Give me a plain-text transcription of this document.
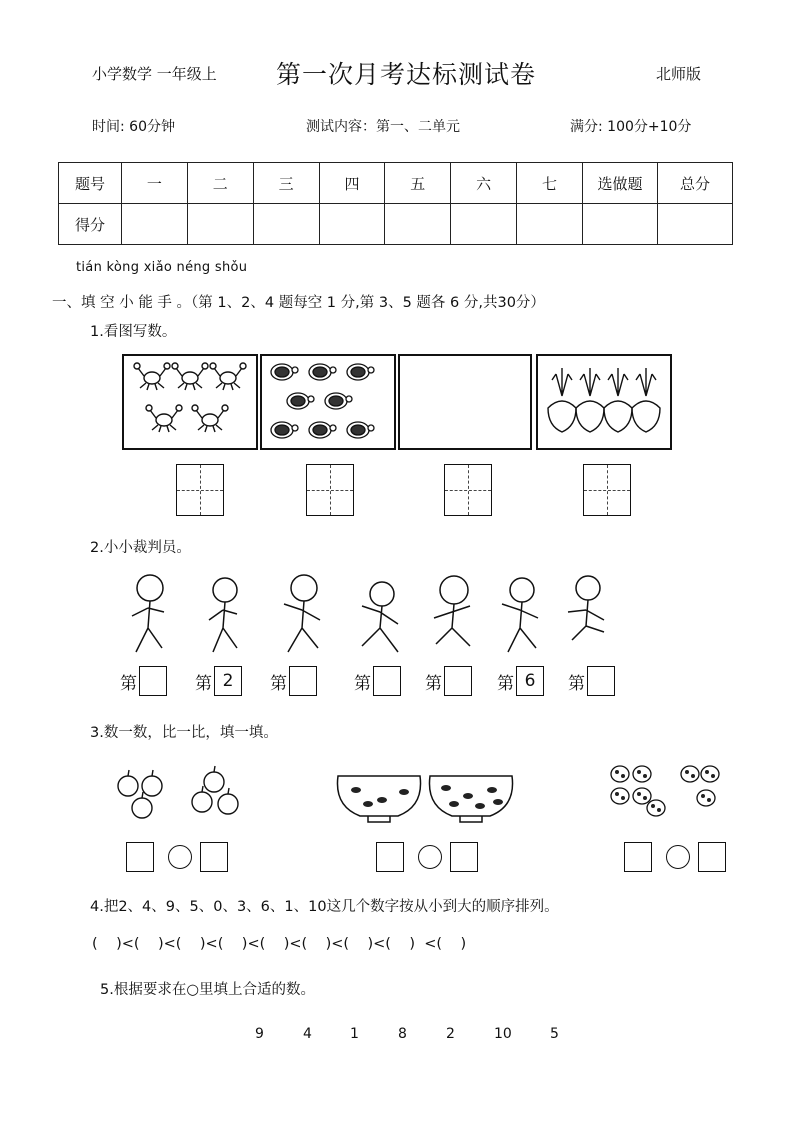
小学数学 一年级上 第一次月考达标测试卷	北师版
时间: 60分钟	测试内容：第一、二单元	满分: 100分+10分
题号	一	二	三	四	五	六	七	选做题	总分
得分									
tián kòng xiǎo néng shǒu
一、填 空 小 能 手 。（第 1、2、4 题每空 1 分,第 3、5 题各 6 分,共30分）
1.看图写数。
2.小小裁判员。
第	第 2	第	第	第	第 6	第
3.数一数，比一比，填一填。
4.把2、4、9、5、0、3、6、1、10这几个数字按从小到大的顺序排列。
(    )<(    )<(    )<(    )<(    )<(    )<(    )<(    )  <(    )
5.根据要求在○里填上合适的数。
9	4	1	8	2	10	5
